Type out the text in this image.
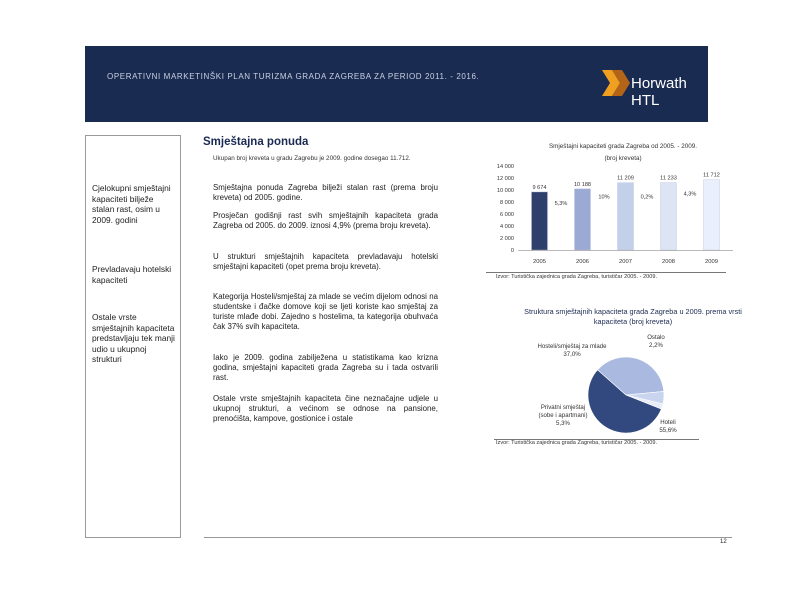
OPERATIVNI MARKETINŠKI PLAN TURIZMA GRADA ZAGREBA ZA PERIOD 2011. - 2016.	Horwath HTL
Cjelokupni smještajni kapaciteti bilježe stalan rast, osim u 2009. godini
Prevladavaju hotelski kapaciteti
Ostale vrste smještajnih kapaciteta predstavljaju tek manji udio u ukupnoj strukturi
Smještajna ponuda
Ukupan broj kreveta u gradu Zagrebu je 2009. godine dosegao 11.712.
Smještajna ponuda Zagreba bilježi stalan rast (prema broju kreveta) od 2005. godine.
Prosječan godišnji rast svih smještajnih kapaciteta grada Zagreba od 2005. do 2009. iznosi 4,9% (prema broju kreveta).
U strukturi smještajnih kapaciteta prevladavaju hotelski smještajni kapaciteti (opet prema broju kreveta).
Kategorija Hosteli/smještaj za mlade se većim dijelom odnosi na studentske i đačke domove koji se ljeti koriste kao smještaj za turiste mlađe dobi. Zajedno s hostelima, ta kategorija obuhvaća čak 37% svih kapaciteta.
Iako je 2009. godina zabilježena u statistikama kao krizna godina, smještajni kapaciteti grada Zagreba su i tada ostvarili rast.
Ostale vrste smještajnih kapaciteta čine neznačajne udjele u ukupnoj strukturi, a većinom se odnose na pansione, prenoćišta, kampove, gostionice i ostale
Smještajni kapaciteti grada Zagreba od 2005. - 2009.
(broj kreveta)
0
2 000
4 000
6 000
8 000
10 000
12 000
14 000
9 674
2005
10 188
2006
11 209
2007
11 233
2008
11 712
2009
5,3%
10%	0,2%	4,3%
Izvor: Turistička zajednica grada Zagreba, turističar 2005. - 2009.
Struktura smještajnih kapaciteta grada Zagreba u 2009. prema vrsti kapaciteta (broj kreveta)
Hosteli/smještaj za mlade
37,0%
Ostalo
2,2%
Privatni smještaj (sobe i apartmani)
5,3%	Hoteli
55,6%
Izvor: Turistička zajednica grada Zagreba, turističar 2005. - 2009.
12
